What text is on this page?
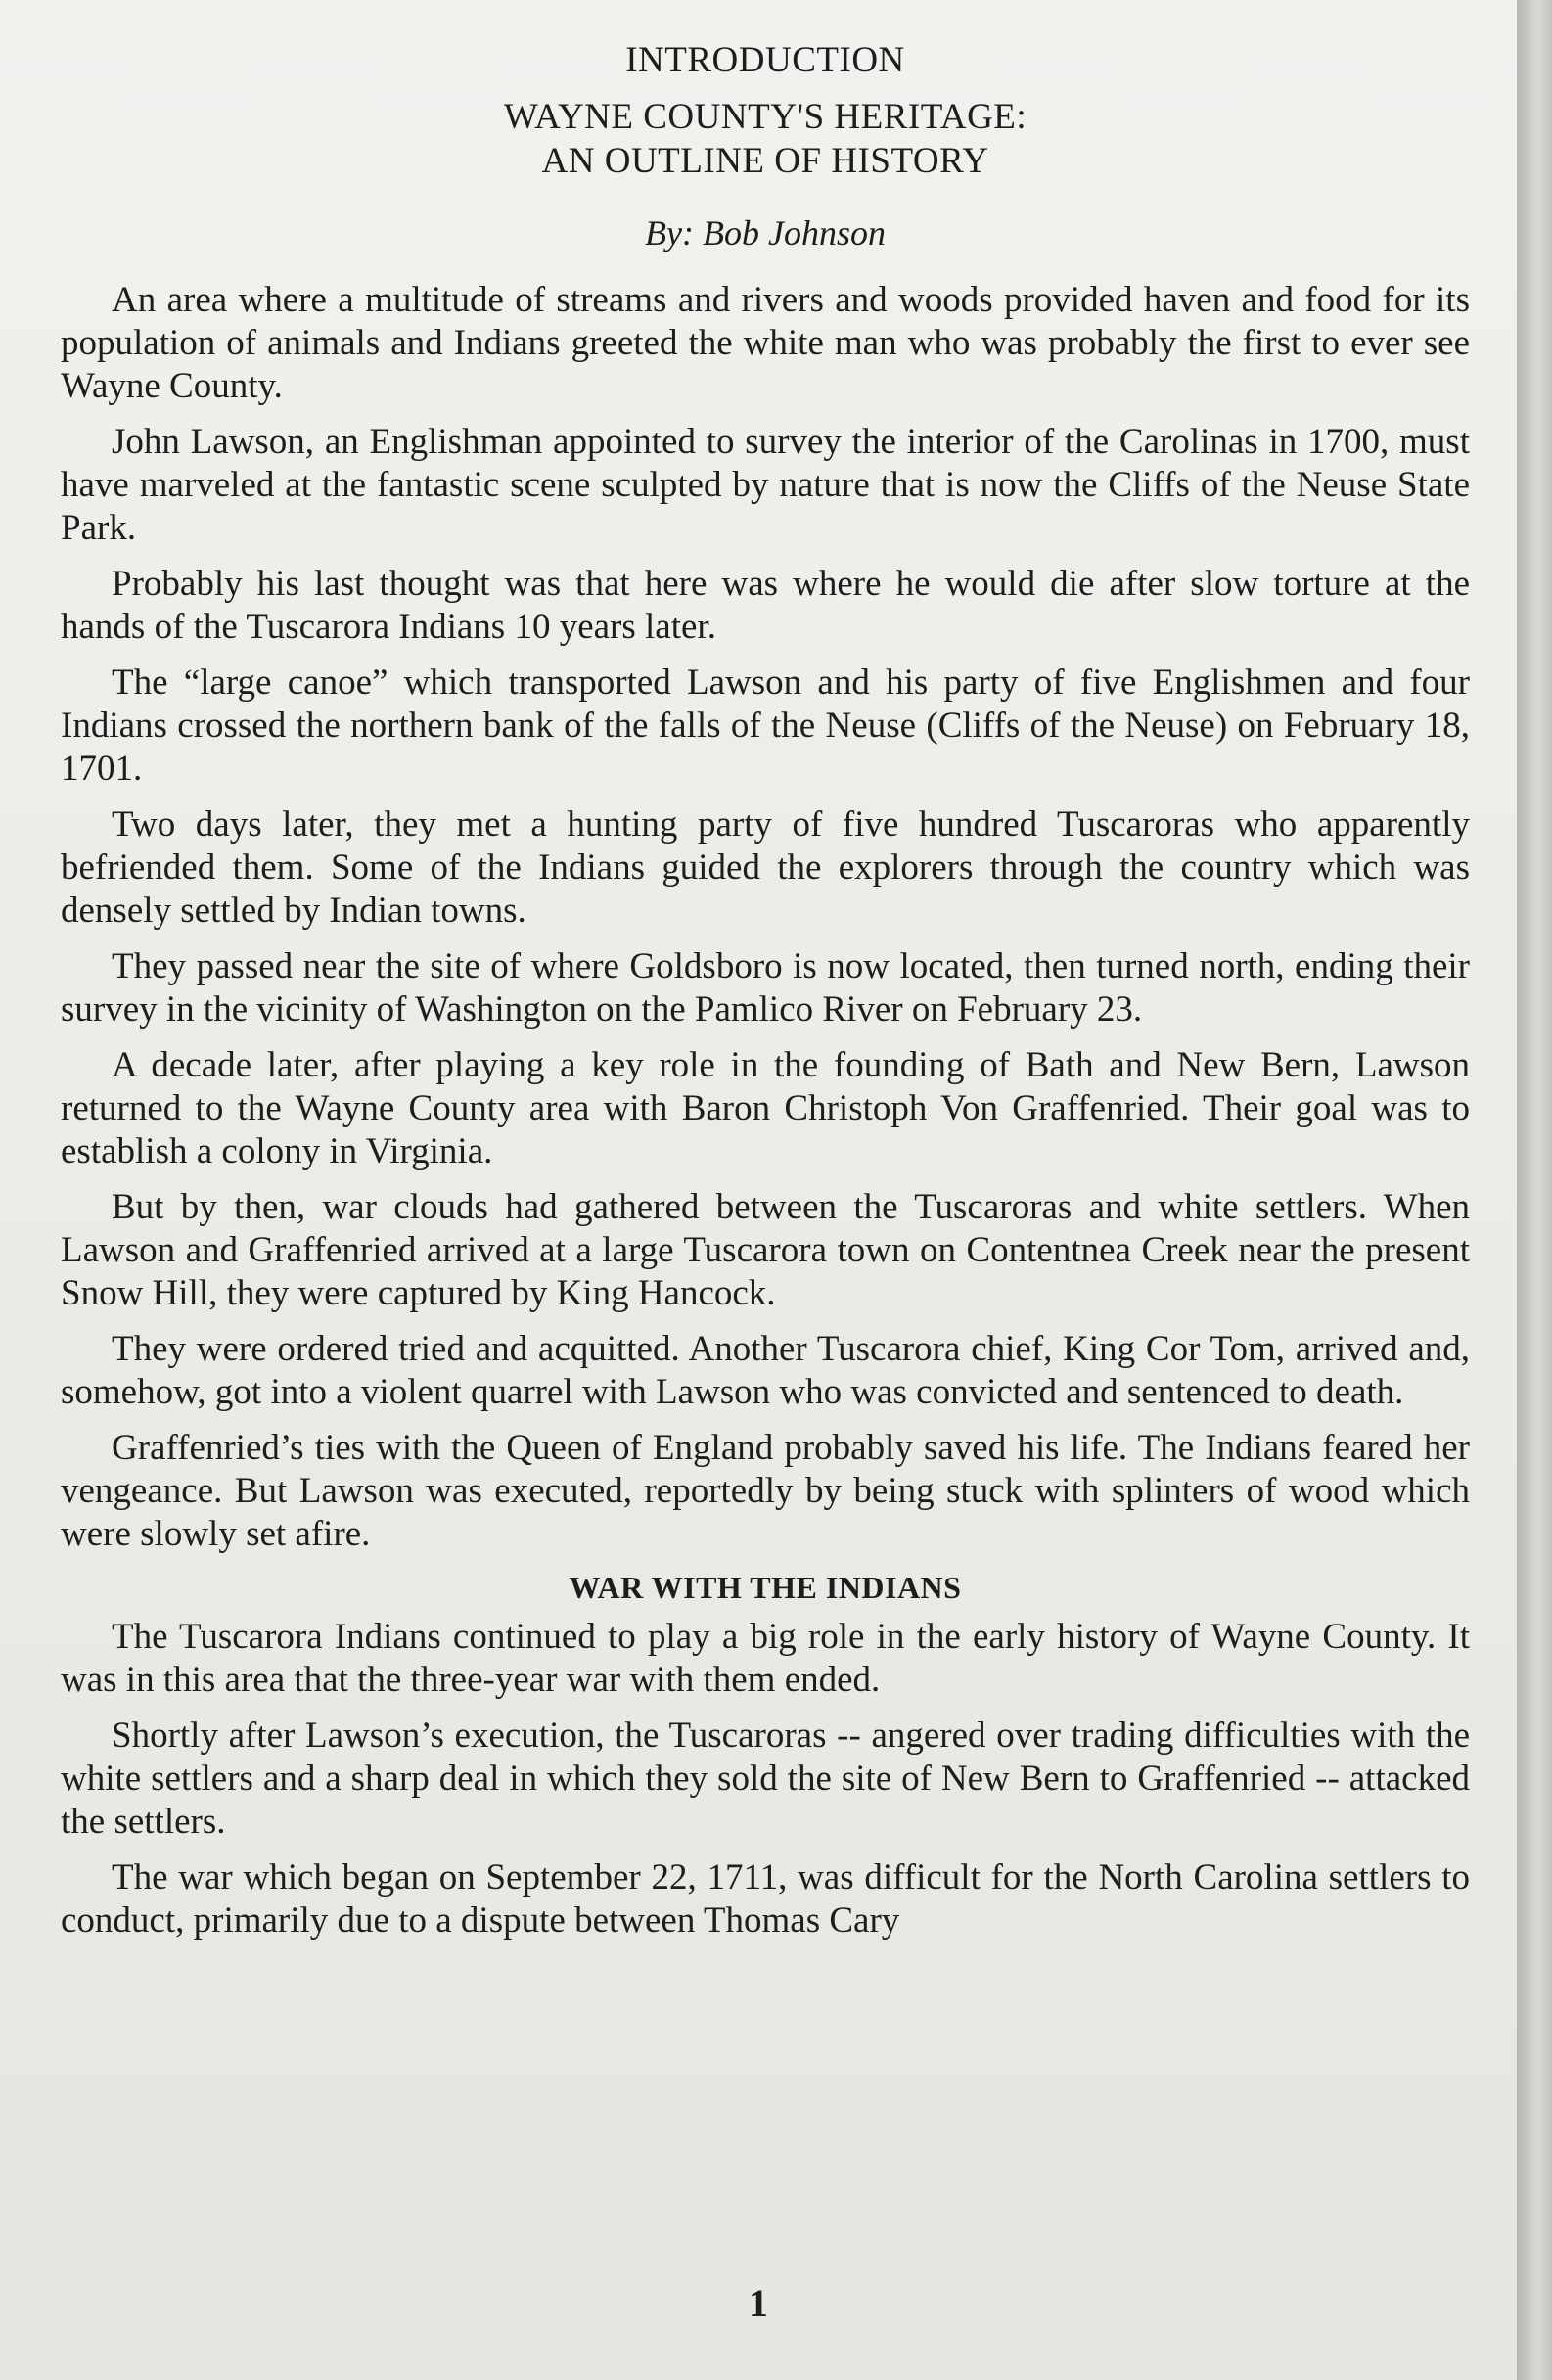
INTRODUCTION

WAYNE COUNTY'S HERITAGE:
AN OUTLINE OF HISTORY

By: Bob Johnson

An area where a multitude of streams and rivers and woods provided haven and food for its population of animals and Indians greeted the white man who was probably the first to ever see Wayne County.

John Lawson, an Englishman appointed to survey the interior of the Carolinas in 1700, must have marveled at the fantastic scene sculpted by nature that is now the Cliffs of the Neuse State Park.

Probably his last thought was that here was where he would die after slow torture at the hands of the Tuscarora Indians 10 years later.

The “large canoe” which transported Lawson and his party of five Englishmen and four Indians crossed the northern bank of the falls of the Neuse (Cliffs of the Neuse) on February 18, 1701.

Two days later, they met a hunting party of five hundred Tuscaroras who apparently befriended them. Some of the Indians guided the explorers through the country which was densely settled by Indian towns.

They passed near the site of where Goldsboro is now located, then turned north, ending their survey in the vicinity of Washington on the Pamlico River on February 23.

A decade later, after playing a key role in the founding of Bath and New Bern, Lawson returned to the Wayne County area with Baron Christoph Von Graffenried. Their goal was to establish a colony in Virginia.

But by then, war clouds had gathered between the Tuscaroras and white settlers. When Lawson and Graffenried arrived at a large Tuscarora town on Contentnea Creek near the present Snow Hill, they were captured by King Hancock.

They were ordered tried and acquitted. Another Tuscarora chief, King Cor Tom, arrived and, somehow, got into a violent quarrel with Lawson who was convicted and sentenced to death.

Graffenried’s ties with the Queen of England probably saved his life. The Indians feared her vengeance. But Lawson was executed, reportedly by being stuck with splinters of wood which were slowly set afire.

WAR WITH THE INDIANS

The Tuscarora Indians continued to play a big role in the early history of Wayne County. It was in this area that the three-year war with them ended.

Shortly after Lawson’s execution, the Tuscaroras -- angered over trading difficulties with the white settlers and a sharp deal in which they sold the site of New Bern to Graffenried -- attacked the settlers.

The war which began on September 22, 1711, was difficult for the North Carolina settlers to conduct, primarily due to a dispute between Thomas Cary

1
